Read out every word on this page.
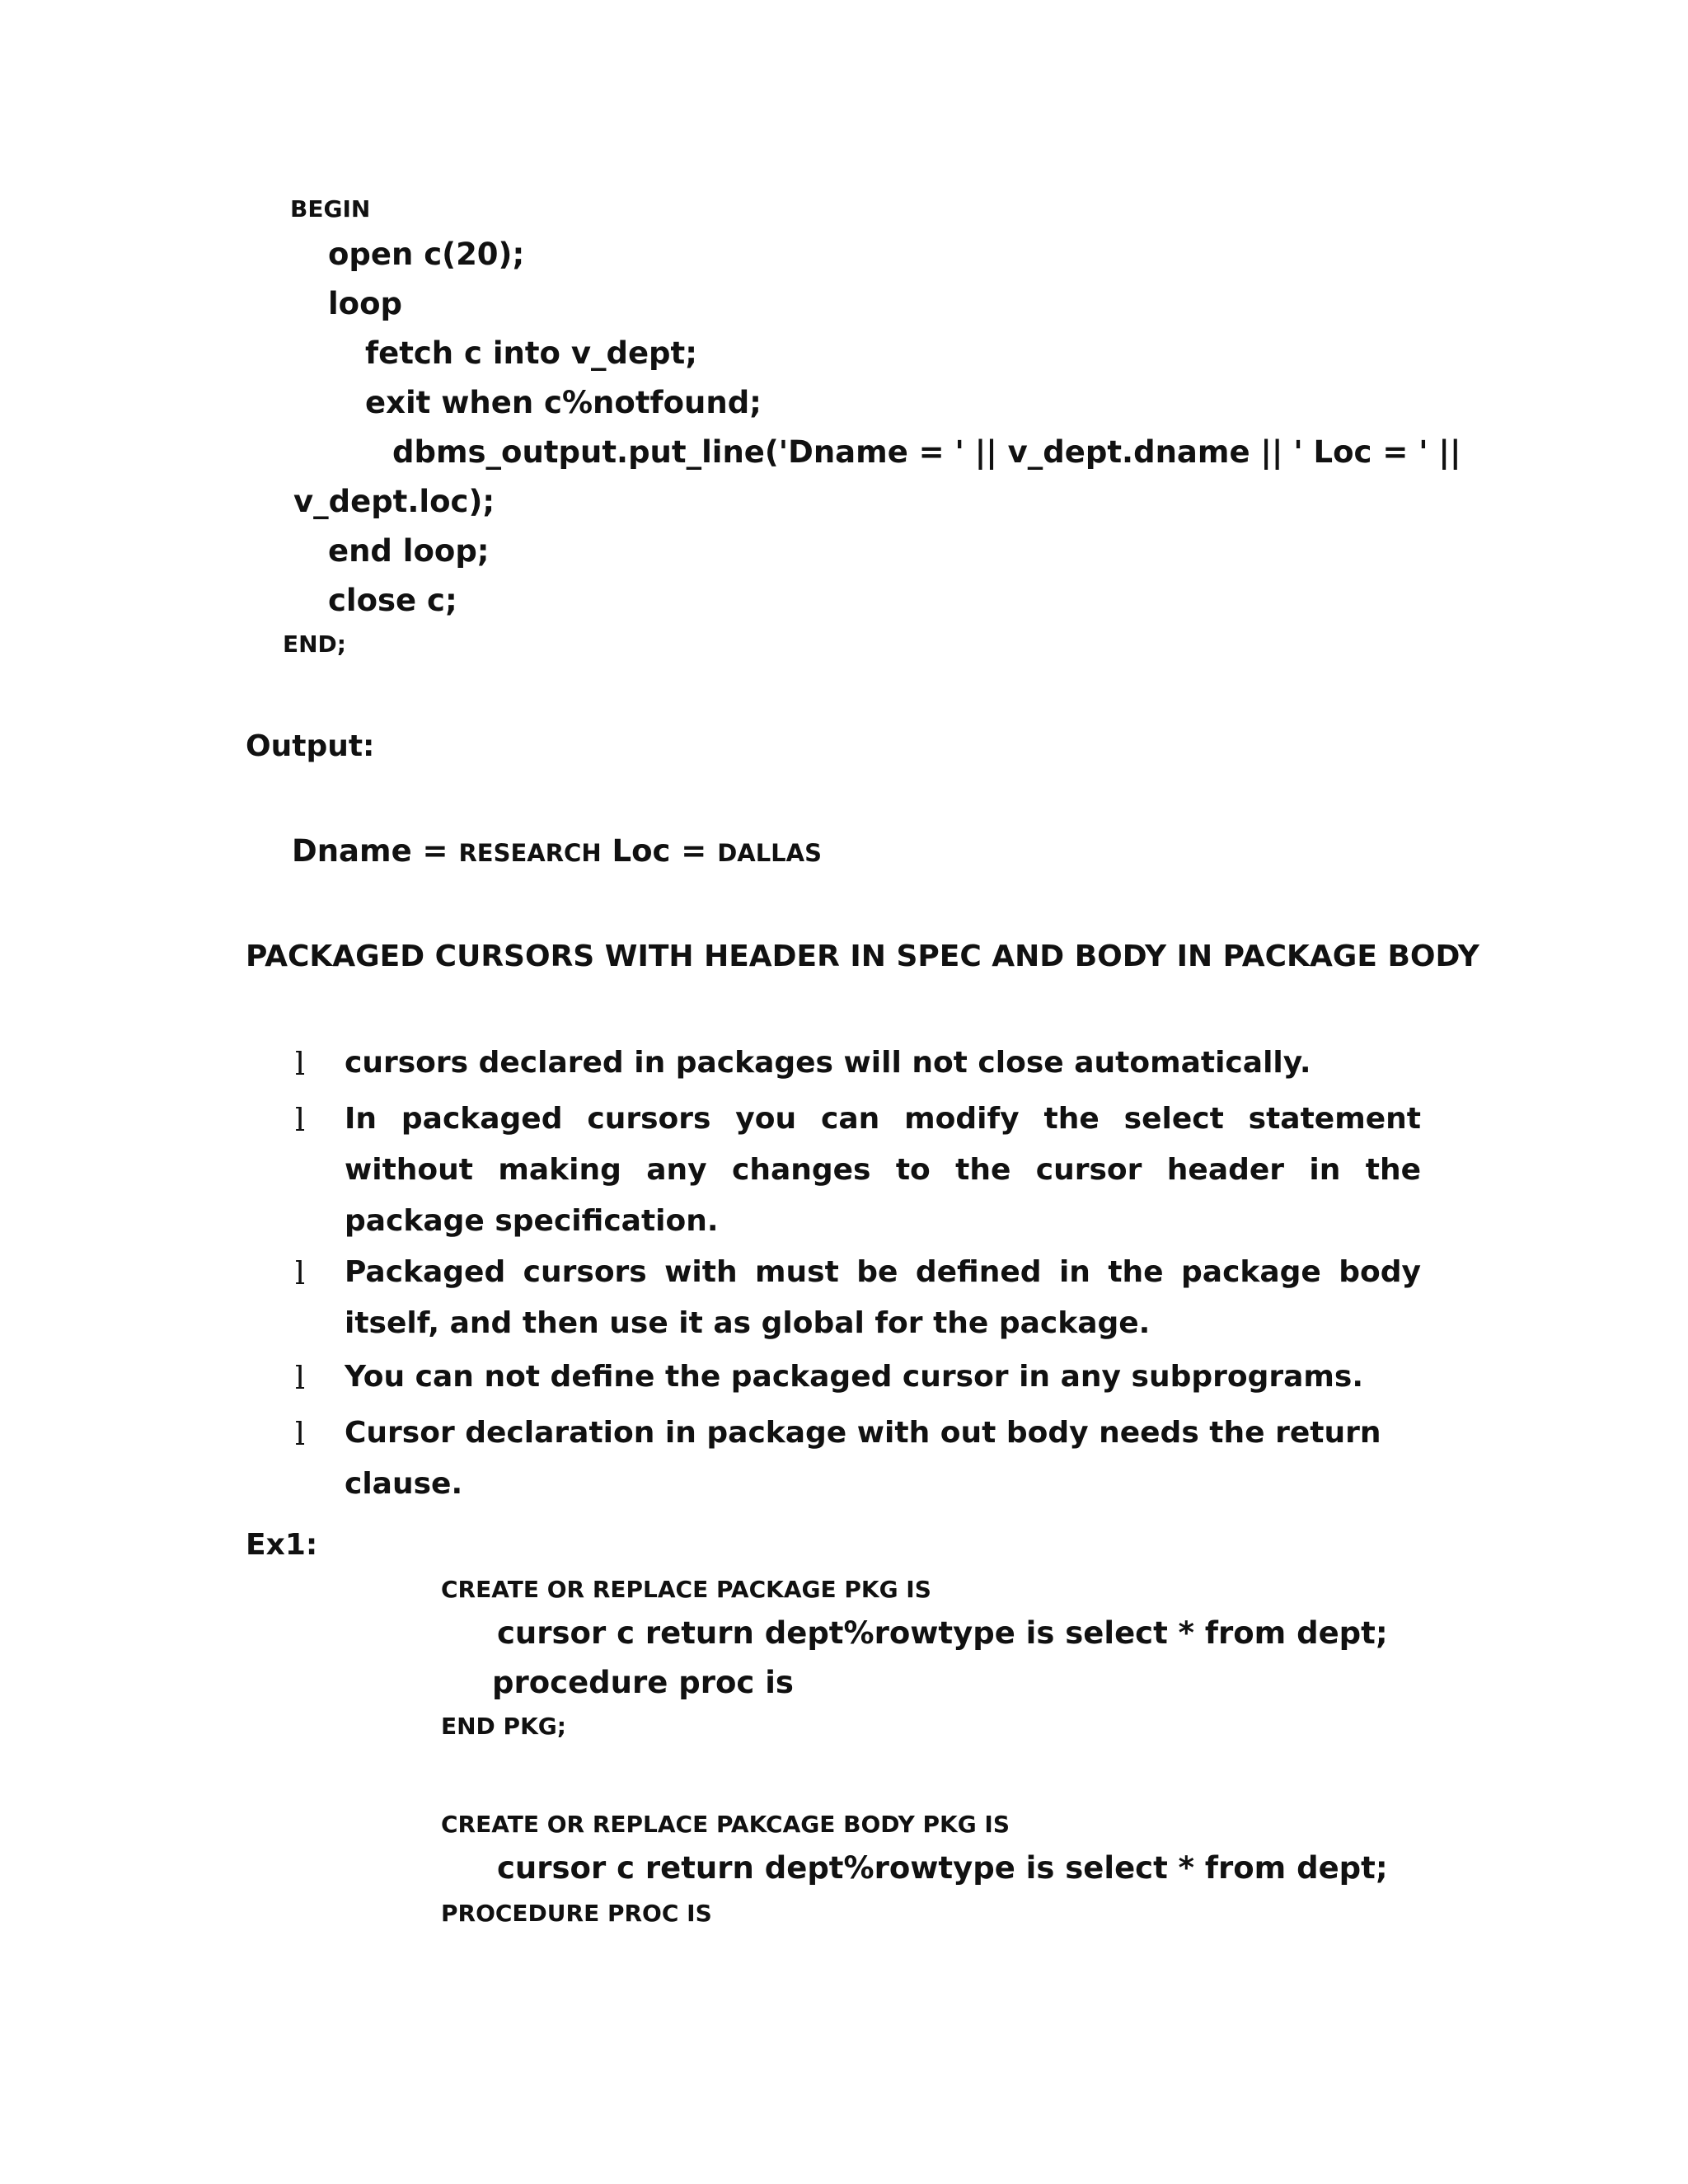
BEGIN
open c(20);
loop
fetch c into v_dept;
exit when c%notfound;
dbms_output.put_line('Dname = ' || v_dept.dname || ' Loc = ' ||
v_dept.loc);
end loop;
close c;
END;
Output:
Dname = RESEARCH Loc = DALLAS
PACKAGED CURSORS WITH HEADER IN SPEC AND BODY IN PACKAGE BODY
l cursors declared in packages will not close automatically.
l In packaged cursors you can modify the select statement without making any changes to the cursor header in the package specification.
l Packaged cursors with must be defined in the package body itself, and then use it as global for the package.
l You can not define the packaged cursor in any subprograms.
l Cursor declaration in package with out body needs the return clause.
Ex1:
CREATE OR REPLACE PACKAGE PKG IS
cursor c return dept%rowtype is select * from dept;
procedure proc is
END PKG;
CREATE OR REPLACE PAKCAGE BODY PKG IS
cursor c return dept%rowtype is select * from dept;
PROCEDURE PROC IS
